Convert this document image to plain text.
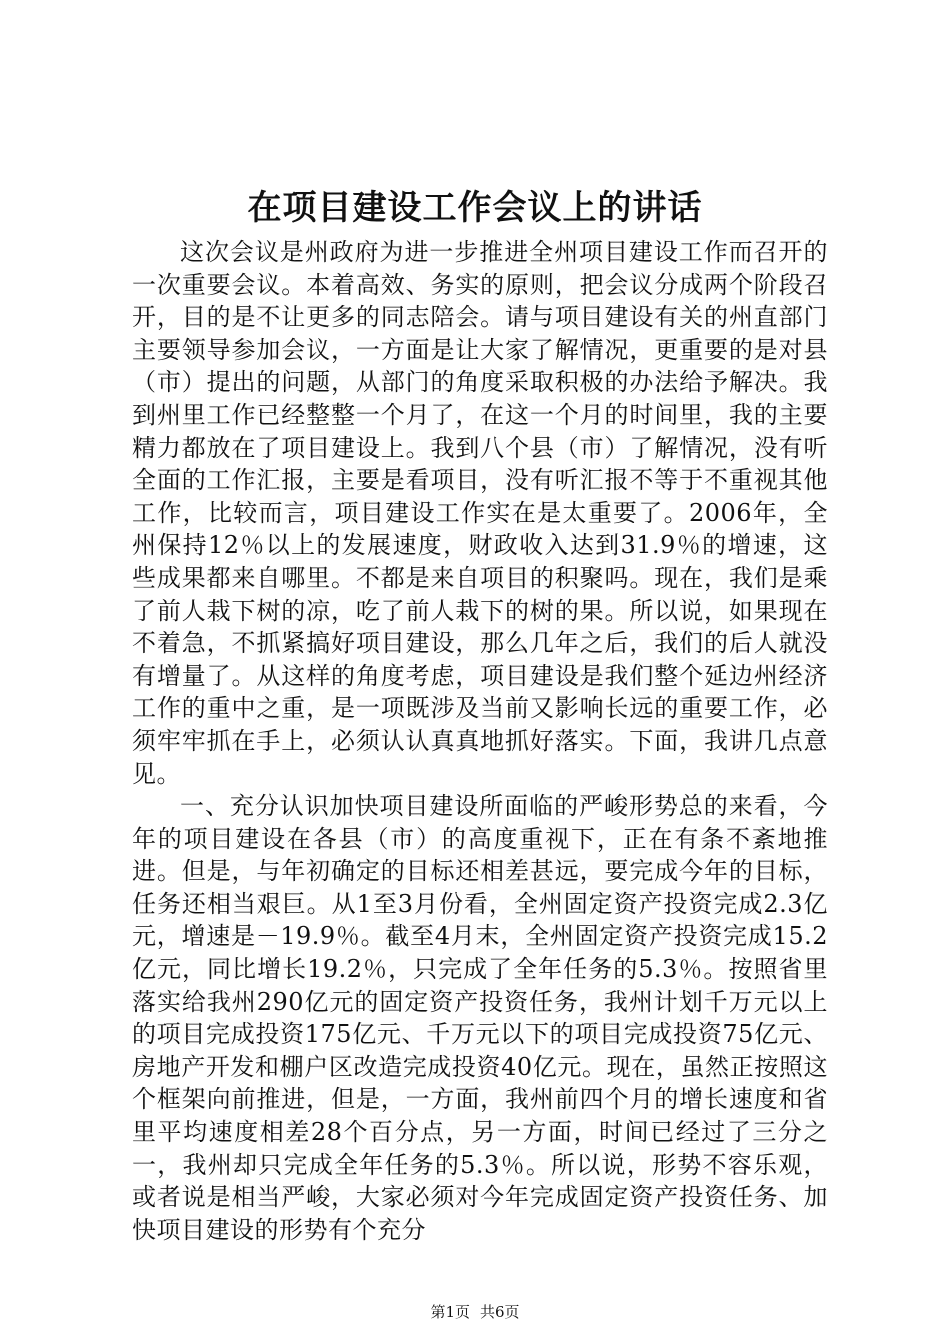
在项目建设工作会议上的讲话

这次会议是州政府为进一步推进全州项目建设工作而召开的一次重要会议。本着高效、务实的原则，把会议分成两个阶段召开，目的是不让更多的同志陪会。请与项目建设有关的州直部门主要领导参加会议，一方面是让大家了解情况，更重要的是对县（市）提出的问题，从部门的角度采取积极的办法给予解决。我到州里工作已经整整一个月了，在这一个月的时间里，我的主要精力都放在了项目建设上。我到八个县（市）了解情况，没有听全面的工作汇报，主要是看项目，没有听汇报不等于不重视其他工作，比较而言，项目建设工作实在是太重要了。2006年，全州保持12％以上的发展速度，财政收入达到31.9％的增速，这些成果都来自哪里。不都是来自项目的积聚吗。现在，我们是乘了前人栽下树的凉，吃了前人栽下的树的果。所以说，如果现在不着急，不抓紧搞好项目建设，那么几年之后，我们的后人就没有增量了。从这样的角度考虑，项目建设是我们整个延边州经济工作的重中之重，是一项既涉及当前又影响长远的重要工作，必须牢牢抓在手上，必须认认真真地抓好落实。下面，我讲几点意见。

一、充分认识加快项目建设所面临的严峻形势总的来看，今年的项目建设在各县（市）的高度重视下，正在有条不紊地推进。但是，与年初确定的目标还相差甚远，要完成今年的目标，任务还相当艰巨。从1至3月份看，全州固定资产投资完成2.3亿元，增速是－19.9％。截至4月末，全州固定资产投资完成15.2亿元，同比增长19.2％，只完成了全年任务的5.3％。按照省里落实给我州290亿元的固定资产投资任务，我州计划千万元以上的项目完成投资175亿元、千万元以下的项目完成投资75亿元、房地产开发和棚户区改造完成投资40亿元。现在，虽然正按照这个框架向前推进，但是，一方面，我州前四个月的增长速度和省里平均速度相差28个百分点，另一方面，时间已经过了三分之一，我州却只完成全年任务的5.3％。所以说，形势不容乐观，或者说是相当严峻，大家必须对今年完成固定资产投资任务、加快项目建设的形势有个充分

第1页 共6页
